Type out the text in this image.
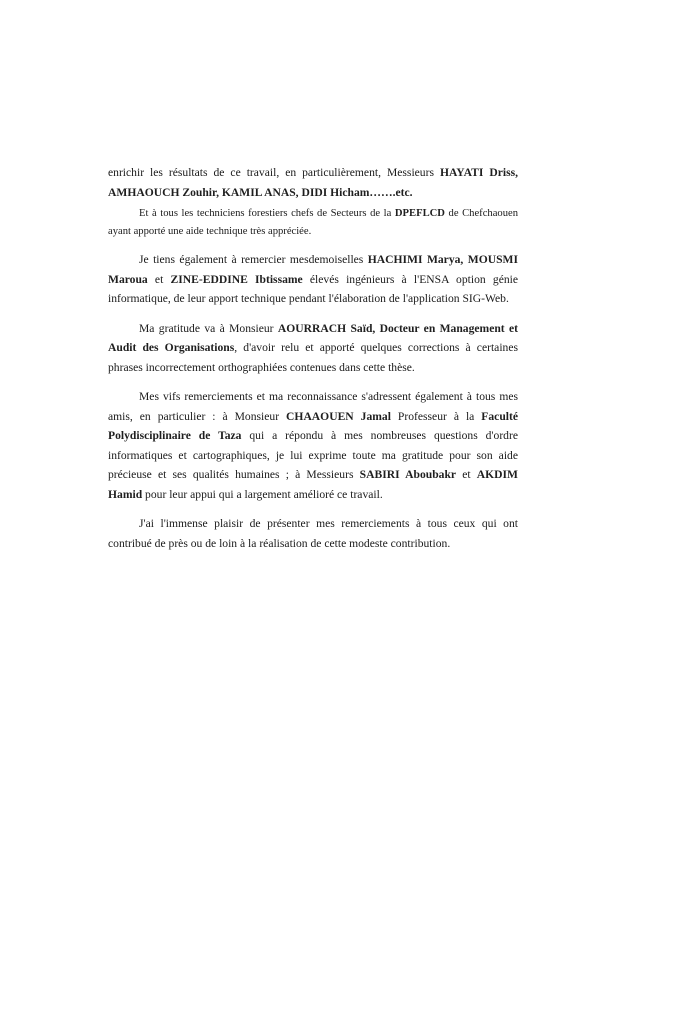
enrichir les résultats de ce travail, en particulièrement, Messieurs HAYATI Driss, AMHAOUCH Zouhir, KAMIL ANAS, DIDI Hicham…….etc.

Et à tous les techniciens forestiers chefs de Secteurs de la DPEFLCD de Chefchaouen ayant apporté une aide technique très appréciée.

Je tiens également à remercier mesdemoiselles HACHIMI Marya, MOUSMI Maroua et ZINE-EDDINE Ibtissame élevés ingénieurs à l'ENSA option génie informatique, de leur apport technique pendant l'élaboration de l'application SIG-Web.

Ma gratitude va à Monsieur AOURRACH Saïd, Docteur en Management et Audit des Organisations, d'avoir relu et apporté quelques corrections à certaines phrases incorrectement orthographiées contenues dans cette thèse.

Mes vifs remerciements et ma reconnaissance s'adressent également à tous mes amis, en particulier : à Monsieur CHAAOUEN Jamal Professeur à la Faculté Polydisciplinaire de Taza qui a répondu à mes nombreuses questions d'ordre informatiques et cartographiques, je lui exprime toute ma gratitude pour son aide précieuse et ses qualités humaines ; à Messieurs SABIRI Aboubakr et AKDIM Hamid pour leur appui qui a largement amélioré ce travail.

J'ai l'immense plaisir de présenter mes remerciements à tous ceux qui ont contribué de près ou de loin à la réalisation de cette modeste contribution.
